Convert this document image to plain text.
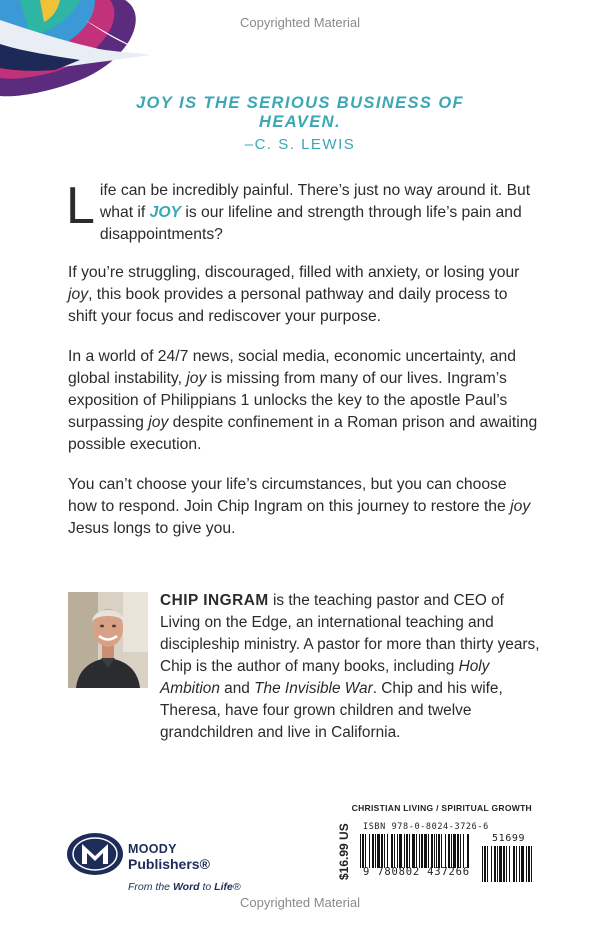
Copyrighted Material
JOY IS THE SERIOUS BUSINESS OF HEAVEN.
–C. S. LEWIS

Life can be incredibly painful. There’s just no way around it. But what if JOY is our lifeline and strength through life’s pain and disappointments?

If you’re struggling, discouraged, filled with anxiety, or losing your joy, this book provides a personal pathway and daily process to shift your focus and rediscover your purpose.

In a world of 24/7 news, social media, economic uncertainty, and global instability, joy is missing from many of our lives. Ingram’s exposition of Philippians 1 unlocks the key to the apostle Paul’s surpassing joy despite confinement in a Roman prison and awaiting possible execution.

You can’t choose your life’s circumstances, but you can choose how to respond. Join Chip Ingram on this journey to restore the joy Jesus longs to give you.

CHIP INGRAM is the teaching pastor and CEO of Living on the Edge, an international teaching and discipleship ministry. A pastor for more than thirty years, Chip is the author of many books, including Holy Ambition and The Invisible War. Chip and his wife, Theresa, have four grown children and twelve grandchildren and live in California.
CHRISTIAN LIVING / SPIRITUAL GROWTH
$16.99 US ISBN 978-0-8024-3726-6
9 780802 437266
51699
MOODY
Publishers®
From the Word to Life®
Copyrighted Material
